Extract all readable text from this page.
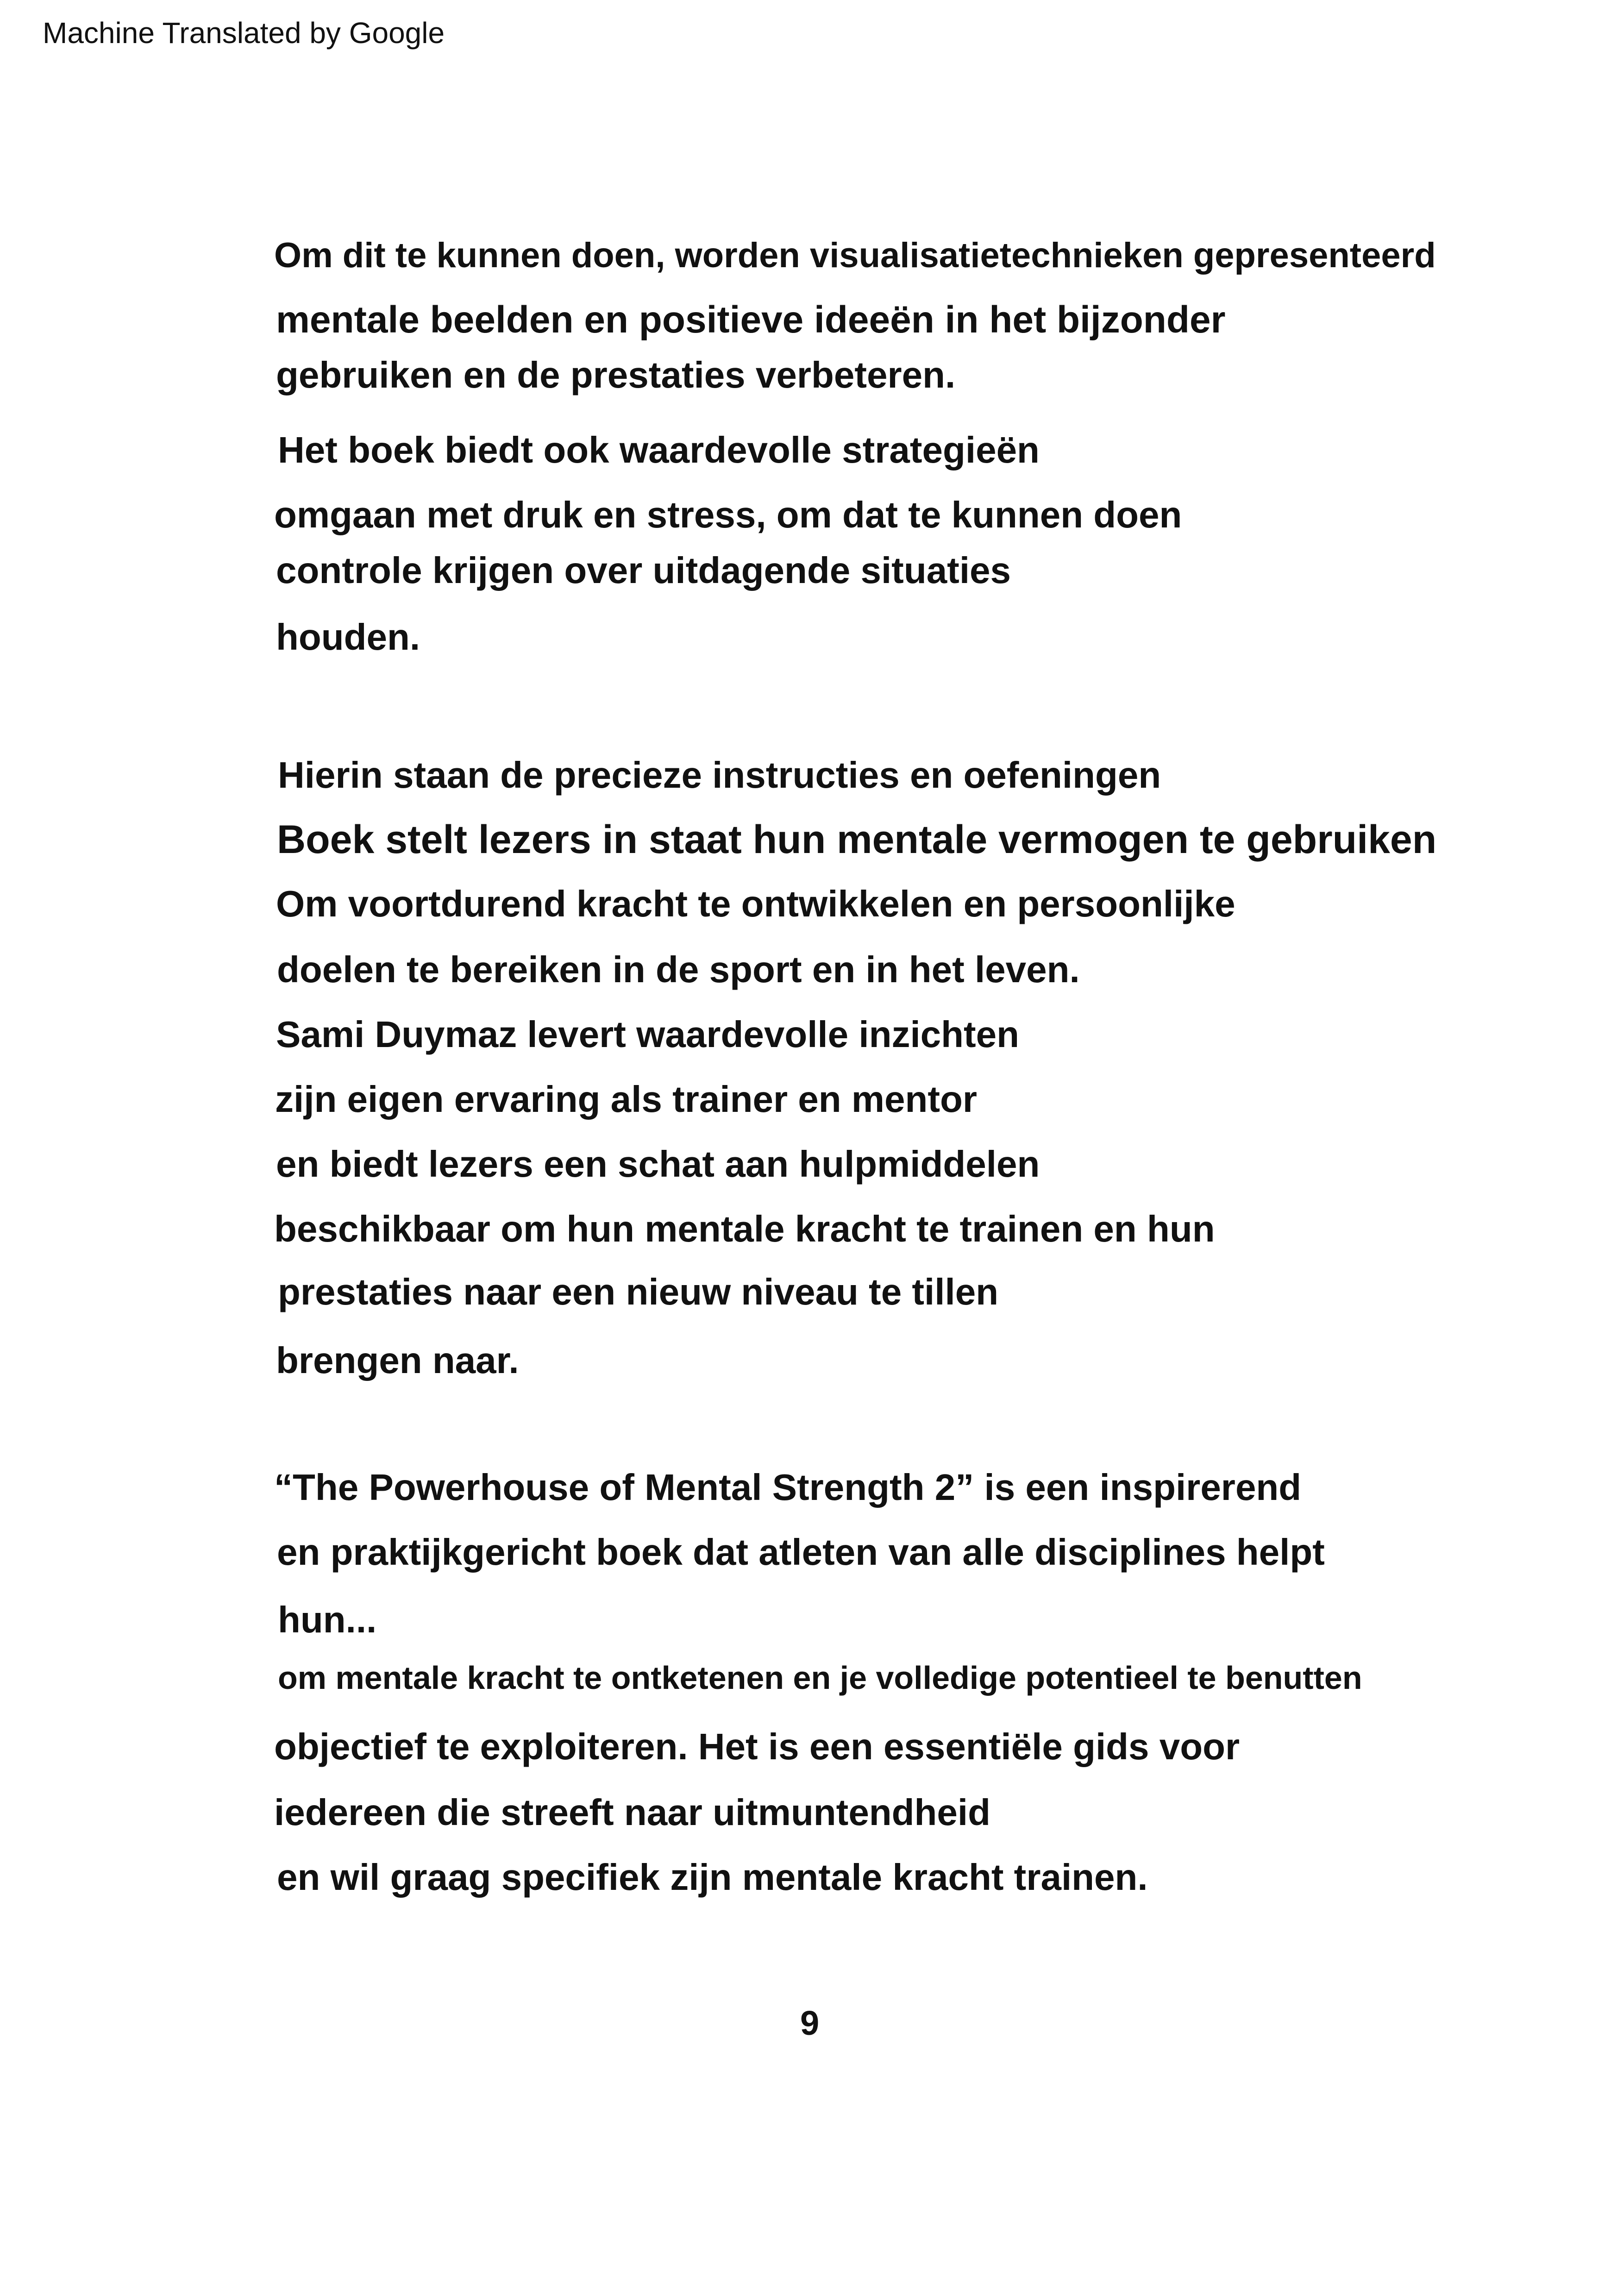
Machine Translated by Google
Om dit te kunnen doen, worden visualisatietechnieken gepresenteerd
mentale beelden en positieve ideeën in het bijzonder
gebruiken en de prestaties verbeteren.
Het boek biedt ook waardevolle strategieën
omgaan met druk en stress, om dat te kunnen doen
controle krijgen over uitdagende situaties
houden.
Hierin staan de precieze instructies en oefeningen
Boek stelt lezers in staat hun mentale vermogen te gebruiken
Om voortdurend kracht te ontwikkelen en persoonlijke
doelen te bereiken in de sport en in het leven.
Sami Duymaz levert waardevolle inzichten
zijn eigen ervaring als trainer en mentor
en biedt lezers een schat aan hulpmiddelen
beschikbaar om hun mentale kracht te trainen en hun
prestaties naar een nieuw niveau te tillen
brengen naar.
“The Powerhouse of Mental Strength 2” is een inspirerend
en praktijkgericht boek dat atleten van alle disciplines helpt
hun...
om mentale kracht te ontketenen en je volledige potentieel te benutten
objectief te exploiteren. Het is een essentiële gids voor
iedereen die streeft naar uitmuntendheid
en wil graag specifiek zijn mentale kracht trainen.
9
